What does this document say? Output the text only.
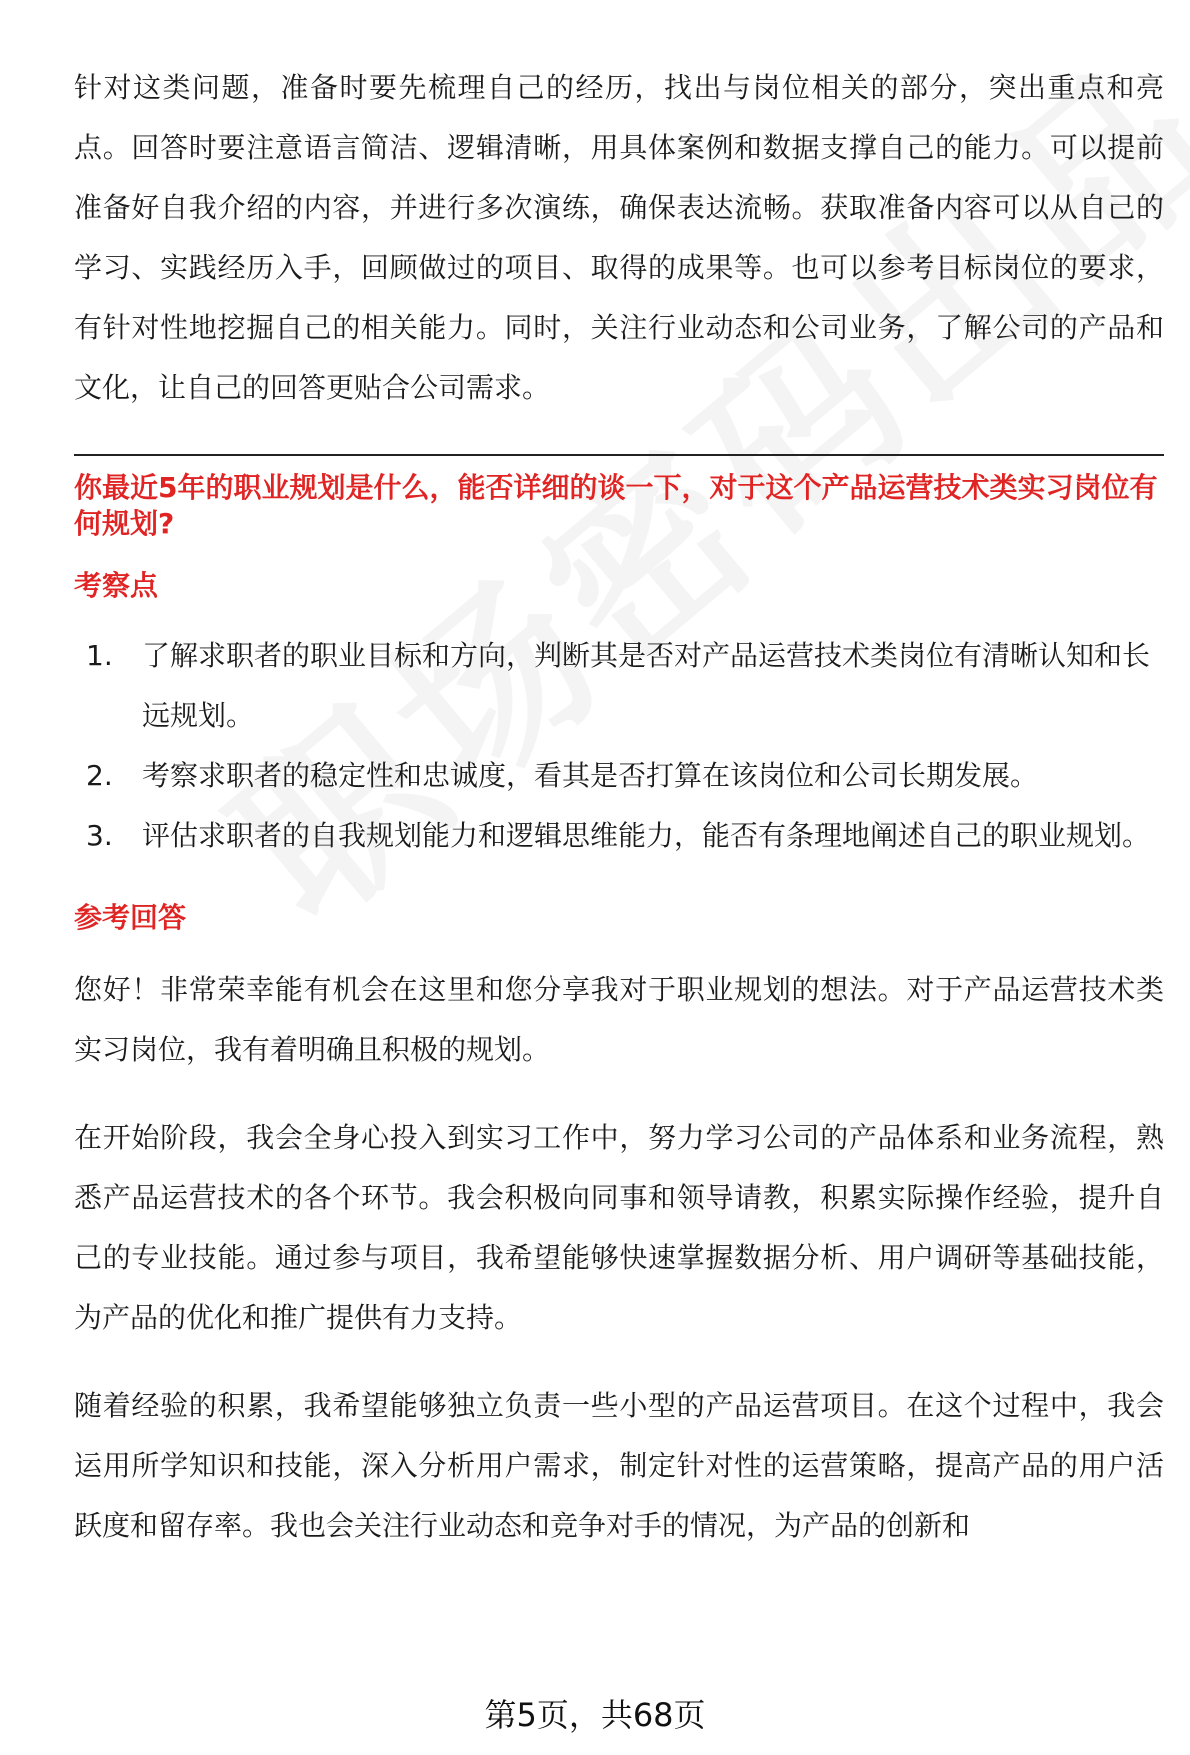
针对这类问题，准备时要先梳理自己的经历，找出与岗位相关的部分，突出重点和亮点。回答时要注意语言简洁、逻辑清晰，用具体案例和数据支撑自己的能力。可以提前准备好自我介绍的内容，并进行多次演练，确保表达流畅。获取准备内容可以从自己的学习、实践经历入手，回顾做过的项目、取得的成果等。也可以参考目标岗位的要求，有针对性地挖掘自己的相关能力。同时，关注行业动态和公司业务，了解公司的产品和文化，让自己的回答更贴合公司需求。

你最近5年的职业规划是什么，能否详细的谈一下，对于这个产品运营技术类实习岗位有何规划?

考察点
1. 了解求职者的职业目标和方向，判断其是否对产品运营技术类岗位有清晰认知和长远规划。
2. 考察求职者的稳定性和忠诚度，看其是否打算在该岗位和公司长期发展。
3. 评估求职者的自我规划能力和逻辑思维能力，能否有条理地阐述自己的职业规划。
参考回答

您好！非常荣幸能有机会在这里和您分享我对于职业规划的想法。对于产品运营技术类实习岗位，我有着明确且积极的规划。

在开始阶段，我会全身心投入到实习工作中，努力学习公司的产品体系和业务流程，熟悉产品运营技术的各个环节。我会积极向同事和领导请教，积累实际操作经验，提升自己的专业技能。通过参与项目，我希望能够快速掌握数据分析、用户调研等基础技能，为产品的优化和推广提供有力支持。

随着经验的积累，我希望能够独立负责一些小型的产品运营项目。在这个过程中，我会运用所学知识和技能，深入分析用户需求，制定针对性的运营策略，提高产品的用户活跃度和留存率。我也会关注行业动态和竞争对手的情况，为产品的创新和

第5页，共68页
